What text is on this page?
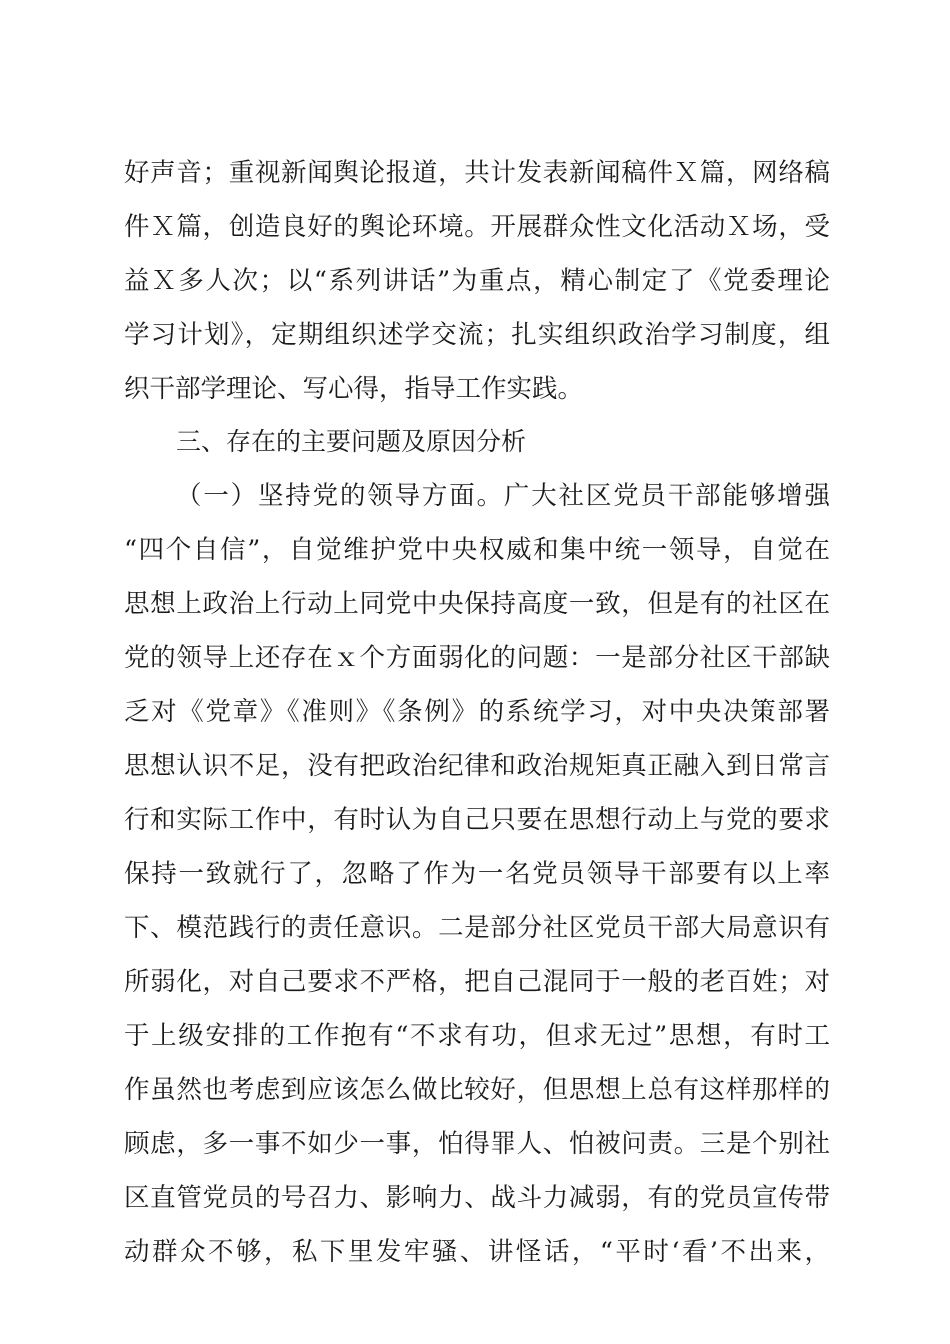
好声音；重视新闻舆论报道，共计发表新闻稿件Ｘ篇，网络稿
件Ｘ篇，创造良好的舆论环境。开展群众性文化活动Ｘ场，受
益Ｘ多人次；以“系列讲话”为重点，精心制定了《党委理论
学习计划》，定期组织述学交流；扎实组织政治学习制度，组
织干部学理论、写心得，指导工作实践。
三、存在的主要问题及原因分析
（一）坚持党的领导方面。广大社区党员干部能够增强
“四个自信”，自觉维护党中央权威和集中统一领导，自觉在
思想上政治上行动上同党中央保持高度一致，但是有的社区在
党的领导上还存在ｘ个方面弱化的问题：一是部分社区干部缺
乏对《党章》《准则》《条例》的系统学习，对中央决策部署
思想认识不足，没有把政治纪律和政治规矩真正融入到日常言
行和实际工作中，有时认为自己只要在思想行动上与党的要求
保持一致就行了，忽略了作为一名党员领导干部要有以上率
下、模范践行的责任意识。二是部分社区党员干部大局意识有
所弱化，对自己要求不严格，把自己混同于一般的老百姓；对
于上级安排的工作抱有“不求有功，但求无过”思想，有时工
作虽然也考虑到应该怎么做比较好，但思想上总有这样那样的
顾虑，多一事不如少一事，怕得罪人、怕被问责。三是个别社
区直管党员的号召力、影响力、战斗力减弱，有的党员宣传带
动群众不够，私下里发牢骚、讲怪话，“平时‘看’不出来，
